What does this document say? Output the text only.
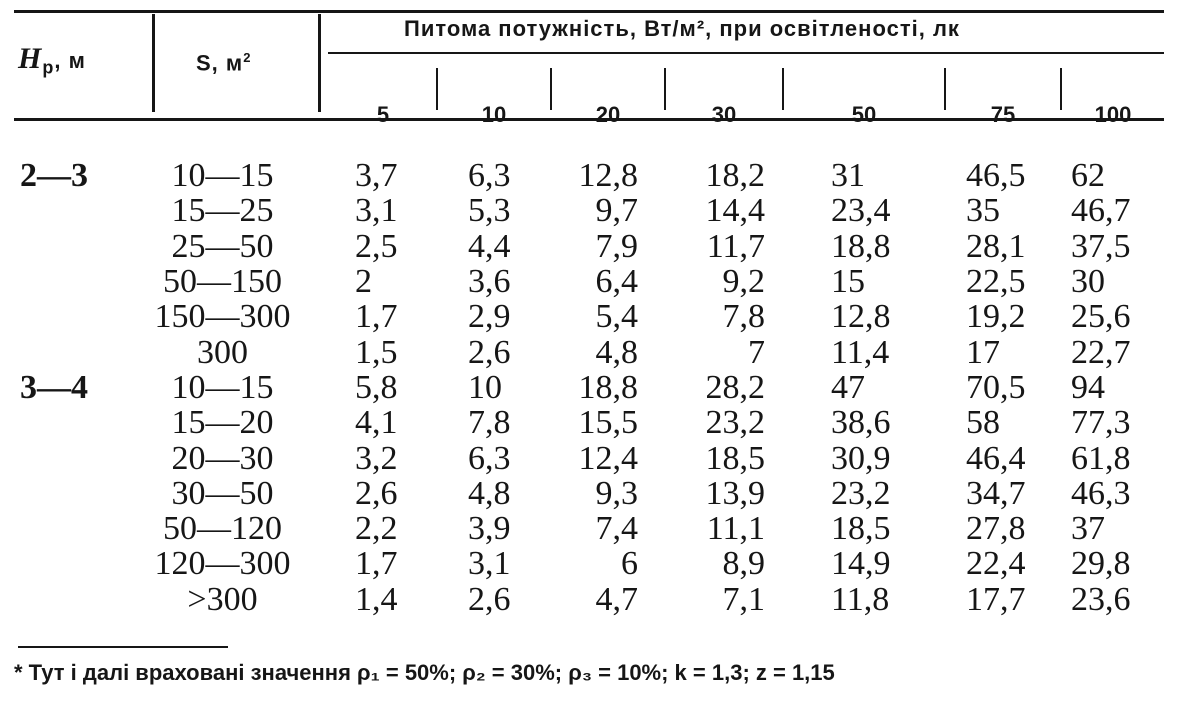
$H_p$, м	S, $м^2$
Питома потужність, Вт/м², при освітленості, лк
5	10	20	30	50	75	100
2—3	10—15	3,7	6,3	12,8	18,2	31	46,5	62
	15—25	3,1	5,3	9,7	14,4	23,4	35	46,7
	25—50	2,5	4,4	7,9	11,7	18,8	28,1	37,5
	50—150	2	3,6	6,4	9,2	15	22,5	30
	150—300	1,7	2,9	5,4	7,8	12,8	19,2	25,6
	300	1,5	2,6	4,8	7	11,4	17	22,7
3—4	10—15	5,8	10	18,8	28,2	47	70,5	94
	15—20	4,1	7,8	15,5	23,2	38,6	58	77,3
	20—30	3,2	6,3	12,4	18,5	30,9	46,4	61,8
	30—50	2,6	4,8	9,3	13,9	23,2	34,7	46,3
	50—120	2,2	3,9	7,4	11,1	18,5	27,8	37
	120—300	1,7	3,1	6	8,9	14,9	22,4	29,8
	>300	1,4	2,6	4,7	7,1	11,8	17,7	23,6
* Тут і далі враховані значення ρ₁ = 50%; ρ₂ = 30%; ρ₃ = 10%; k = 1,3; z = 1,15
